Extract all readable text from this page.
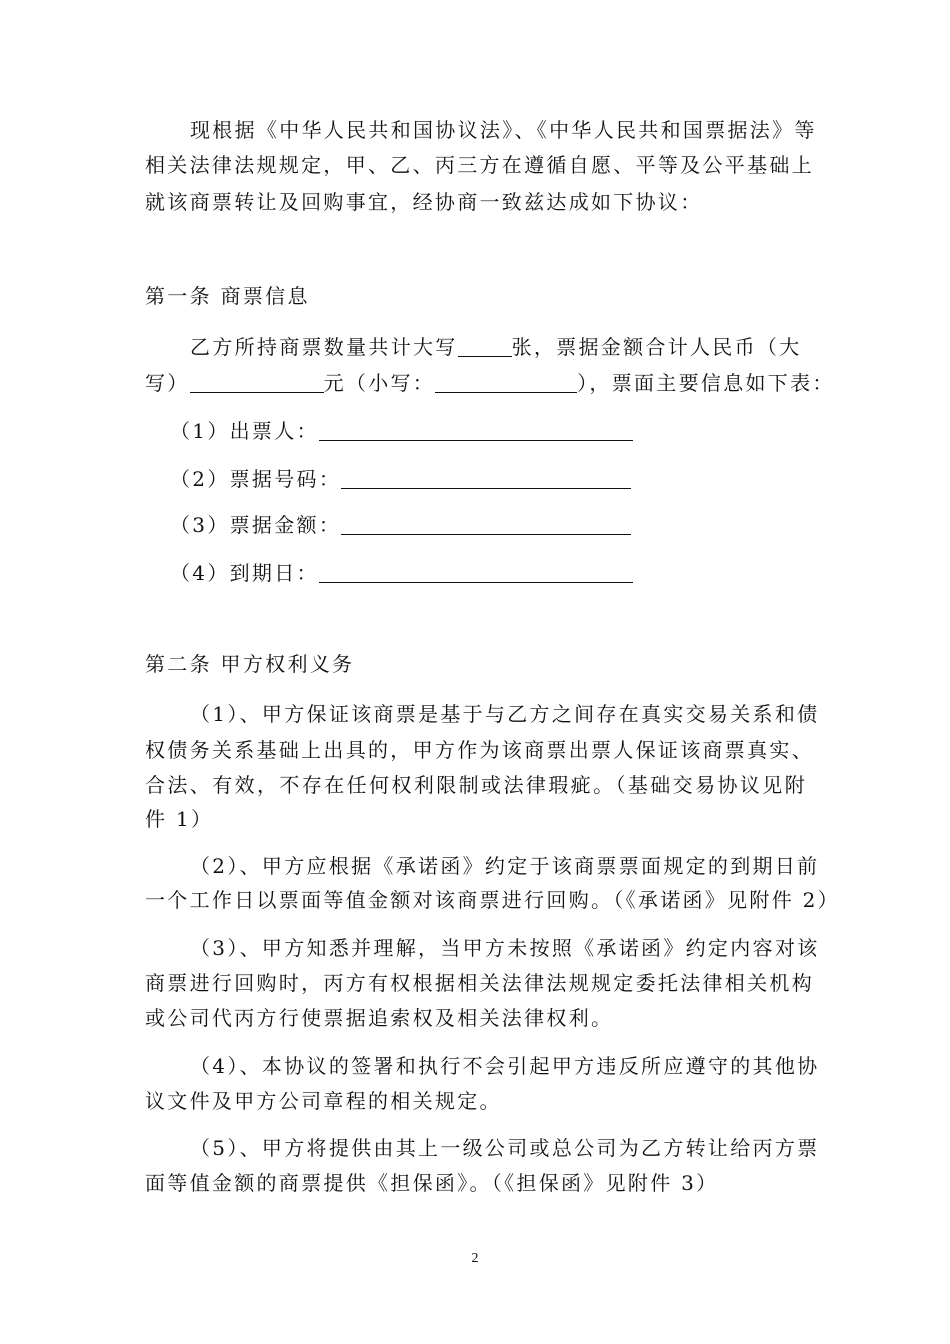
现根据《中华人民共和国协议法》、《中华人民共和国票据法》等
相关法律法规规定，甲、乙、丙三方在遵循自愿、平等及公平基础上
就该商票转让及回购事宜，经协商一致兹达成如下协议：
第一条 商票信息
乙方所持商票数量共计大写	张，票据金额合计人民币（大
写）	元（小写：	），票面主要信息如下表：
（1）出票人：
（2）票据号码：
（3）票据金额：
（4）到期日：
第二条 甲方权利义务
（1）、甲方保证该商票是基于与乙方之间存在真实交易关系和债
权债务关系基础上出具的，甲方作为该商票出票人保证该商票真实、
合法、有效，不存在任何权利限制或法律瑕疵。（基础交易协议见附
件 1）
（2）、甲方应根据《承诺函》约定于该商票票面规定的到期日前
一个工作日以票面等值金额对该商票进行回购。（《承诺函》见附件 2）
（3）、甲方知悉并理解，当甲方未按照《承诺函》约定内容对该
商票进行回购时，丙方有权根据相关法律法规规定委托法律相关机构
或公司代丙方行使票据追索权及相关法律权利。
（4）、本协议的签署和执行不会引起甲方违反所应遵守的其他协
议文件及甲方公司章程的相关规定。
（5）、甲方将提供由其上一级公司或总公司为乙方转让给丙方票
面等值金额的商票提供《担保函》。（《担保函》见附件 3）
2
